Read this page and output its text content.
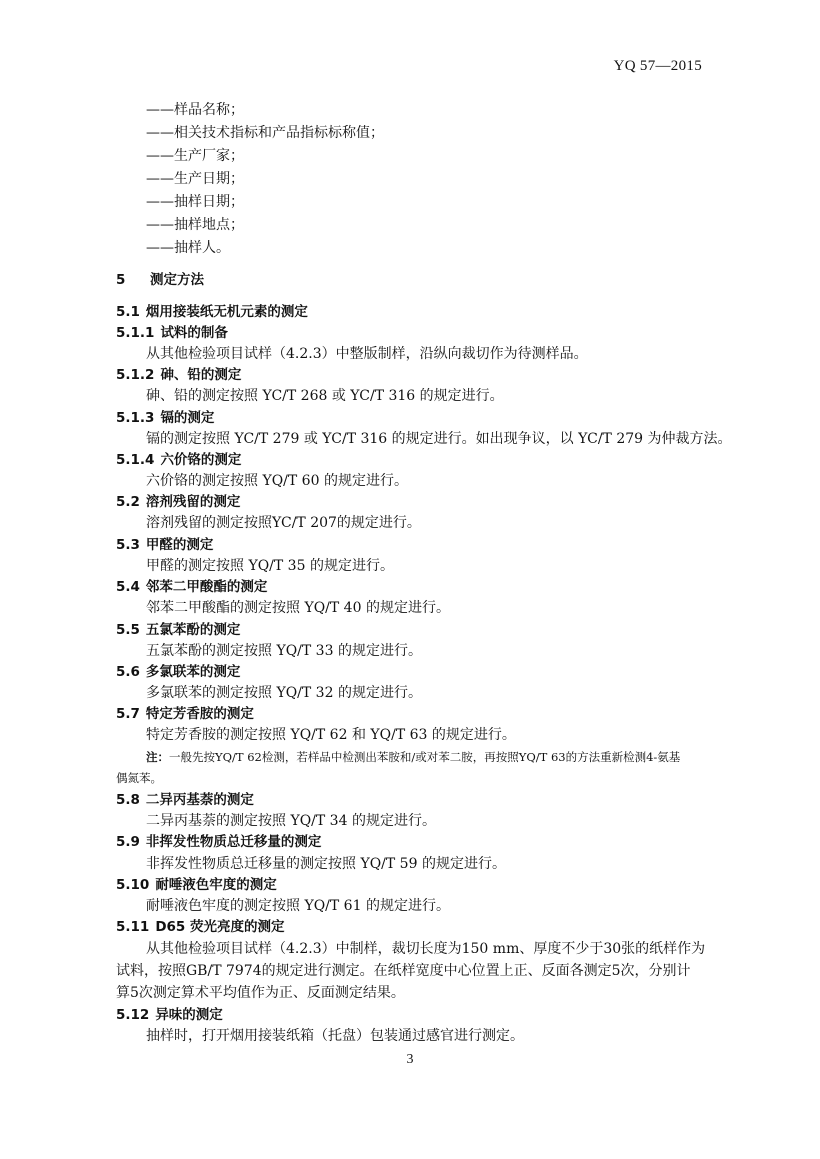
YQ 57—2015
——样品名称；
——相关技术指标和产品指标标称值；
——生产厂家；
——生产日期；
——抽样日期；
——抽样地点；
——抽样人。
5 测定方法
5.1 烟用接装纸无机元素的测定
5.1.1 试料的制备
从其他检验项目试样（4.2.3）中整版制样，沿纵向裁切作为待测样品。
5.1.2 砷、铅的测定
砷、铅的测定按照 YC/T 268 或 YC/T 316 的规定进行。
5.1.3 镉的测定
镉的测定按照 YC/T 279 或 YC/T 316 的规定进行。如出现争议，以 YC/T 279 为仲裁方法。
5.1.4 六价铬的测定
六价铬的测定按照 YQ/T 60 的规定进行。
5.2 溶剂残留的测定
溶剂残留的测定按照YC/T 207的规定进行。
5.3 甲醛的测定
甲醛的测定按照 YQ/T 35 的规定进行。
5.4 邻苯二甲酸酯的测定
邻苯二甲酸酯的测定按照 YQ/T 40 的规定进行。
5.5 五氯苯酚的测定
五氯苯酚的测定按照 YQ/T 33 的规定进行。
5.6 多氯联苯的测定
多氯联苯的测定按照 YQ/T 32 的规定进行。
5.7 特定芳香胺的测定
特定芳香胺的测定按照 YQ/T 62 和 YQ/T 63 的规定进行。
注：一般先按YQ/T 62检测，若样品中检测出苯胺和/或对苯二胺，再按照YQ/T 63的方法重新检测4-氨基
偶氮苯。
5.8 二异丙基萘的测定
二异丙基萘的测定按照 YQ/T 34 的规定进行。
5.9 非挥发性物质总迁移量的测定
非挥发性物质总迁移量的测定按照 YQ/T 59 的规定进行。
5.10 耐唾液色牢度的测定
耐唾液色牢度的测定按照 YQ/T 61 的规定进行。
5.11 D65 荧光亮度的测定
从其他检验项目试样（4.2.3）中制样，裁切长度为150 mm、厚度不少于30张的纸样作为
试料，按照GB/T 7974的规定进行测定。在纸样宽度中心位置上正、反面各测定5次，分别计
算5次测定算术平均值作为正、反面测定结果。
5.12 异味的测定
抽样时，打开烟用接装纸箱（托盘）包装通过感官进行测定。
3
